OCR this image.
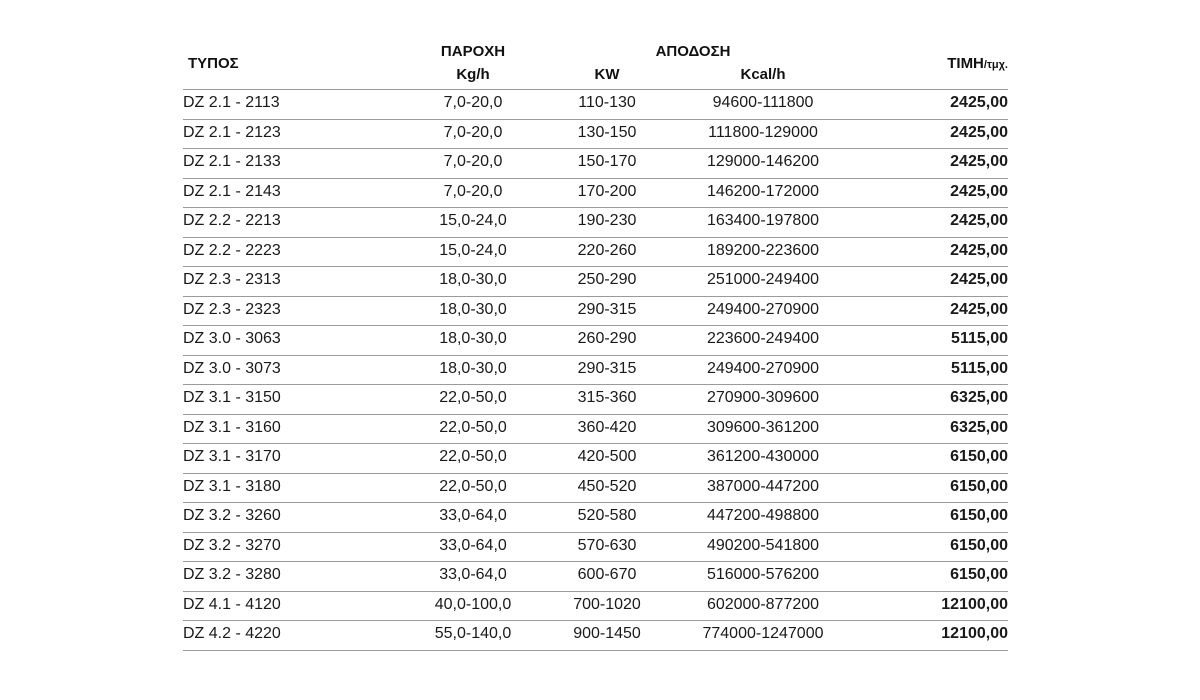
ΤΥΠΟΣ
ΠΑΡΟΧΗ
Kg/h
ΑΠΟΔΟΣΗ
KW	Kcal/h
ΤΙΜΗ/τμχ.
DZ 2.1 - 2113	7,0-20,0	110-130	94600-111800	2425,00
DZ 2.1 - 2123	7,0-20,0	130-150	111800-129000	2425,00
DZ 2.1 - 2133	7,0-20,0	150-170	129000-146200	2425,00
DZ 2.1 - 2143	7,0-20,0	170-200	146200-172000	2425,00
DZ 2.2 - 2213	15,0-24,0	190-230	163400-197800	2425,00
DZ 2.2 - 2223	15,0-24,0	220-260	189200-223600	2425,00
DZ 2.3 - 2313	18,0-30,0	250-290	251000-249400	2425,00
DZ 2.3 - 2323	18,0-30,0	290-315	249400-270900	2425,00
DZ 3.0 - 3063	18,0-30,0	260-290	223600-249400	5115,00
DZ 3.0 - 3073	18,0-30,0	290-315	249400-270900	5115,00
DZ 3.1 - 3150	22,0-50,0	315-360	270900-309600	6325,00
DZ 3.1 - 3160	22,0-50,0	360-420	309600-361200	6325,00
DZ 3.1 - 3170	22,0-50,0	420-500	361200-430000	6150,00
DZ 3.1 - 3180	22,0-50,0	450-520	387000-447200	6150,00
DZ 3.2 - 3260	33,0-64,0	520-580	447200-498800	6150,00
DZ 3.2 - 3270	33,0-64,0	570-630	490200-541800	6150,00
DZ 3.2 - 3280	33,0-64,0	600-670	516000-576200	6150,00
DZ 4.1 - 4120	40,0-100,0	700-1020	602000-877200	12100,00
DZ 4.2 - 4220	55,0-140,0	900-1450	774000-1247000	12100,00
